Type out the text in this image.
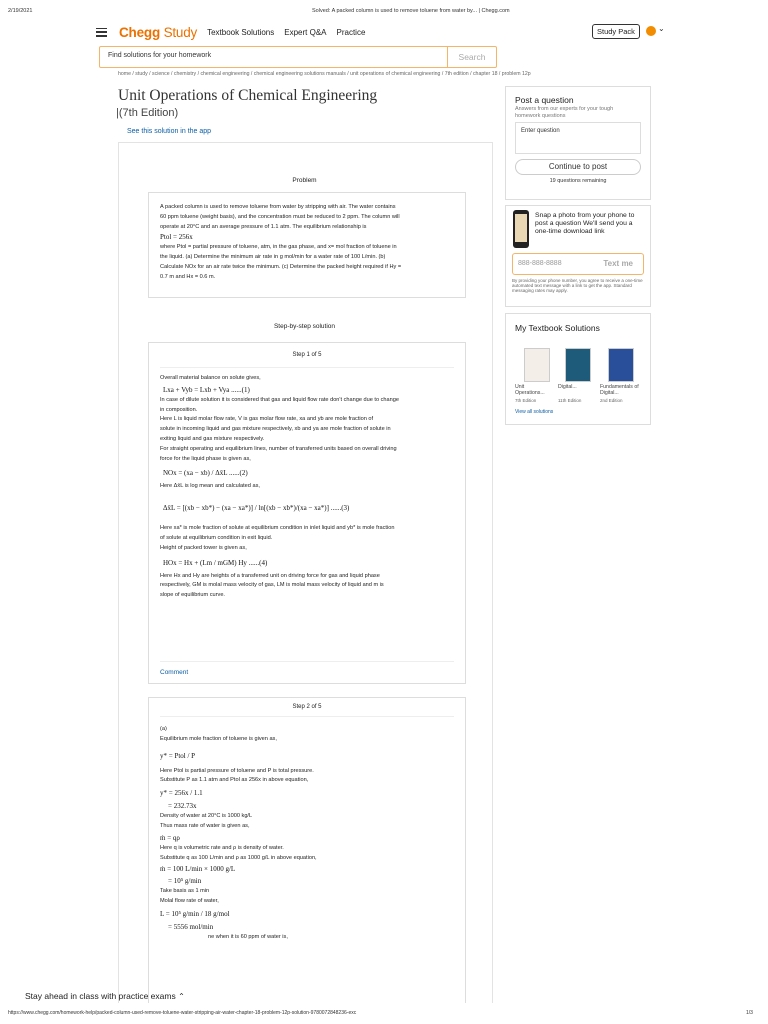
2/19/2021	Solved: A packed column is used to remove toluene from water by... | Chegg.com
Chegg Study Textbook Solutions Expert Q&A Practice	Study Pack	⌄
Find solutions for your homework	Search
home / study / science / chemistry / chemical engineering / chemical engineering solutions manuals / unit operations of chemical engineering / 7th edition / chapter 18 / problem 12p
Unit Operations of Chemical Engineering
|(7th Edition)
See this solution in the app
Problem
A packed column is used to remove toluene from water by stripping with air. The water contains
60 ppm toluene (weight basis), and the concentration must be reduced to 2 ppm. The column will
operate at 20°C and an average pressure of 1.1 atm. The equilibrium relationship is
Ptol = 256x
where Ptol = partial pressure of toluene, atm, in the gas phase, and x= mol fraction of toluene in
the liquid. (a) Determine the minimum air rate in g mol/min for a water rate of 100 L/min. (b)
Calculate NOx for an air rate twice the minimum. (c) Determine the packed height required if Hy =
0.7 m and Hx = 0.6 m.
Step-by-step solution
Step 1 of 5
Overall material balance on solute gives,
Lxa + Vyb = Lxb + Vya ......(1)
In case of dilute solution it is considered that gas and liquid flow rate don't change due to change
in composition.
Here L is liquid molar flow rate, V is gas molar flow rate, xa and yb are mole fraction of
solute in incoming liquid and gas mixture respectively, xb and ya are mole fraction of solute in
exiting liquid and gas mixture respectively.
For straight operating and equilibrium lines, number of transferred units based on overall driving
force for the liquid phase is given as,
NOx = (xa − xb) / Δx̄L ......(2)
Here Δx̄L is log mean and calculated as,
Δx̄L = [(xb − xb*) − (xa − xa*)] / ln[(xb − xb*)/(xa − xa*)] ......(3)
Here xa* is mole fraction of solute at equilibrium condition in inlet liquid and yb* is mole fraction
of solute at equilibrium condition in exit liquid.
Height of packed tower is given as,
HOx = Hx + (Lm / mGM) Hy ......(4)
Here Hx and Hy are heights of a transferred unit on driving force for gas and liquid phase
respectively, GM is molal mass velocity of gas, LM is molal mass velocity of liquid and m is
slope of equilibrium curve.
Comment
Step 2 of 5
(a)
Equilibrium mole fraction of toluene is given as,
y* = Ptol / P
Here Ptol is partial pressure of toluene and P is total pressure.
Substitute P as 1.1 atm and Ptol as 256x in above equation,
y* = 256x / 1.1
= 232.73x
Density of water at 20°C is 1000 kg/L
Thus mass rate of water is given as,
ṁ = qρ
Here q is volumetric rate and ρ is density of water.
Substitute q as 100 L/min and ρ as 1000 g/L in above equation,
ṁ = 100 L/min × 1000 g/L
= 10⁵ g/min
Take basis as 1 min
Molal flow rate of water,
L = 10⁵ g/min / 18 g/mol
= 5556 mol/min
ne when it is 60 ppm of water is,
Post a question
Answers from our experts for your tough homework questions
Enter question
Continue to post
19 questions remaining
Snap a photo from your phone to post a question We'll send you a one-time download link
888-888-8888	Text me
By providing your phone number, you agree to receive a one-time automated text message with a link to get the app. Standard messaging rates may apply.
My Textbook Solutions
Unit Operations...
Digital...	Fundamentals of Digital...
7th Edition	11th Edition	2nd Edition
View all solutions
Stay ahead in class with practice exams ⌃
https://www.chegg.com/homework-help/packed-column-used-remove-toluene-water-stripping-air-water-chapter-18-problem-12p-solution-9780072848236-exc	1/3
